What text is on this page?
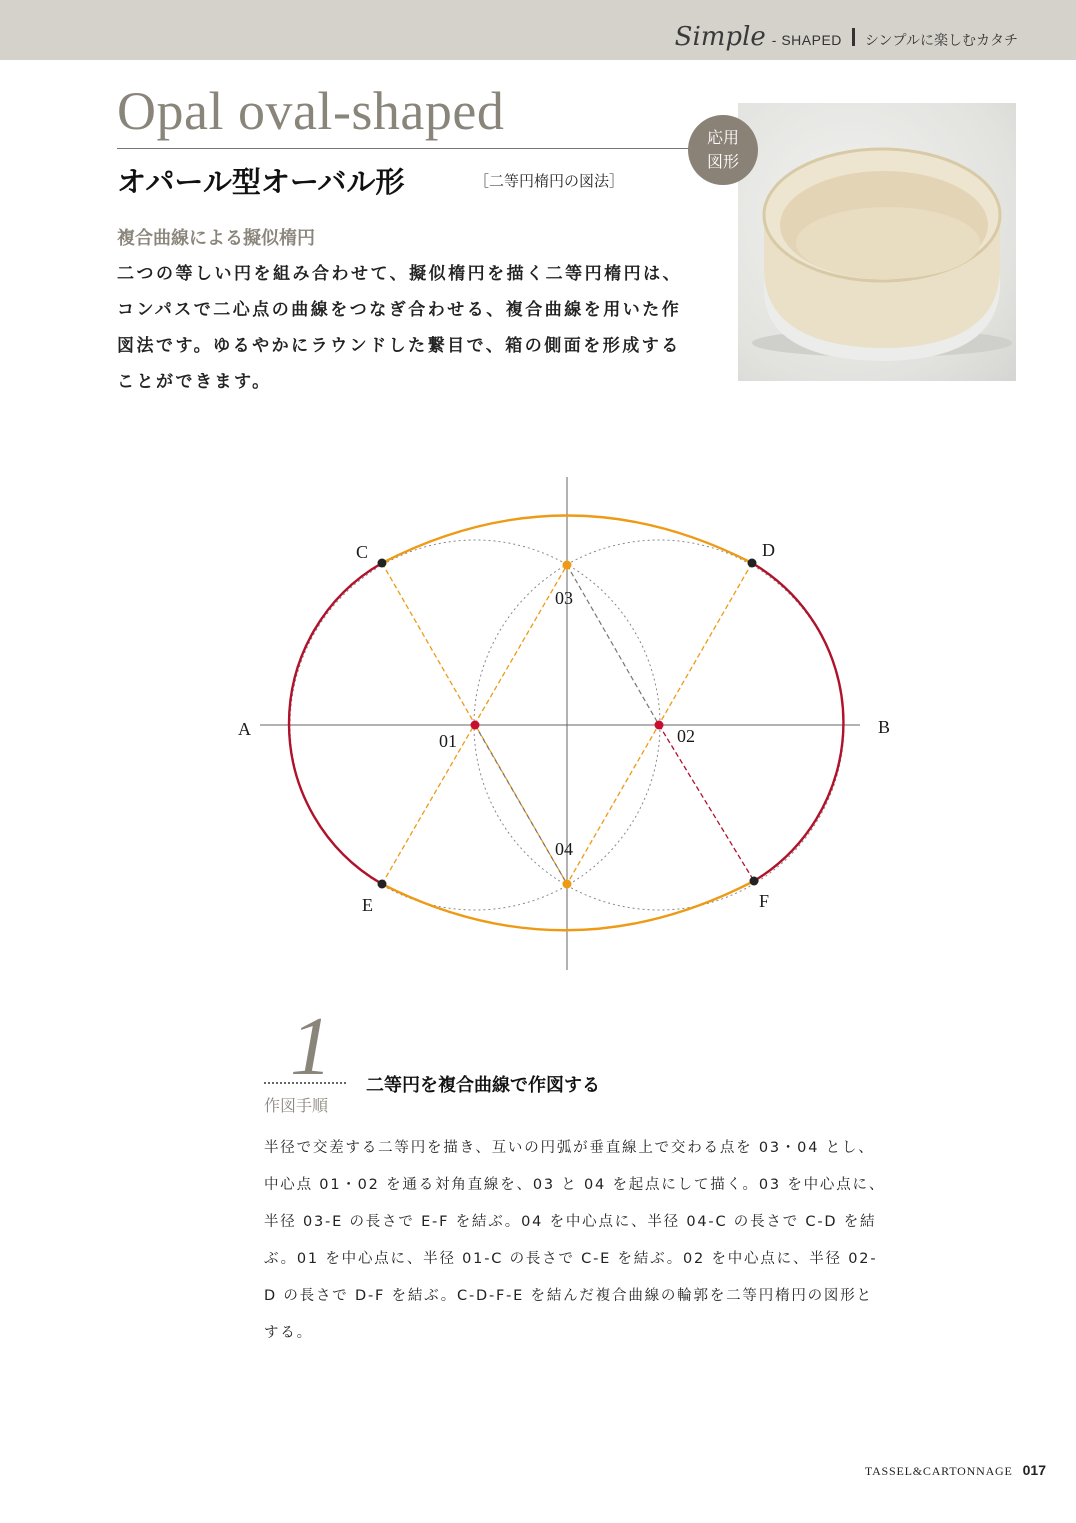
Simple - SHAPED シンプルに楽しむカタチ
Opal oval-shaped
オパール型オーバル形	［二等円楕円の図法］
応用
図形
複合曲線による擬似楕円

二つの等しい円を組み合わせて、擬似楕円を描く二等円楕円は、コンパスで二心点の曲線をつなぎ合わせる、複合曲線を用いた作図法です。ゆるやかにラウンドした繋目で、箱の側面を形成することができます。

A	B
C	D
E	F
01	02
03
04
1
作図手順
二等円を複合曲線で作図する

半径で交差する二等円を描き、互いの円弧が垂直線上で交わる点を 03・04 とし、中心点 01・02 を通る対角直線を、03 と 04 を起点にして描く。03 を中心点に、半径 03-E の長さで E-F を結ぶ。04 を中心点に、半径 04-C の長さで C-D を結ぶ。01 を中心点に、半径 01-C の長さで C-E を結ぶ。02 を中心点に、半径 02-D の長さで D-F を結ぶ。C-D-F-E を結んだ複合曲線の輪郭を二等円楕円の図形とする。

TASSEL&CARTONNAGE 017
